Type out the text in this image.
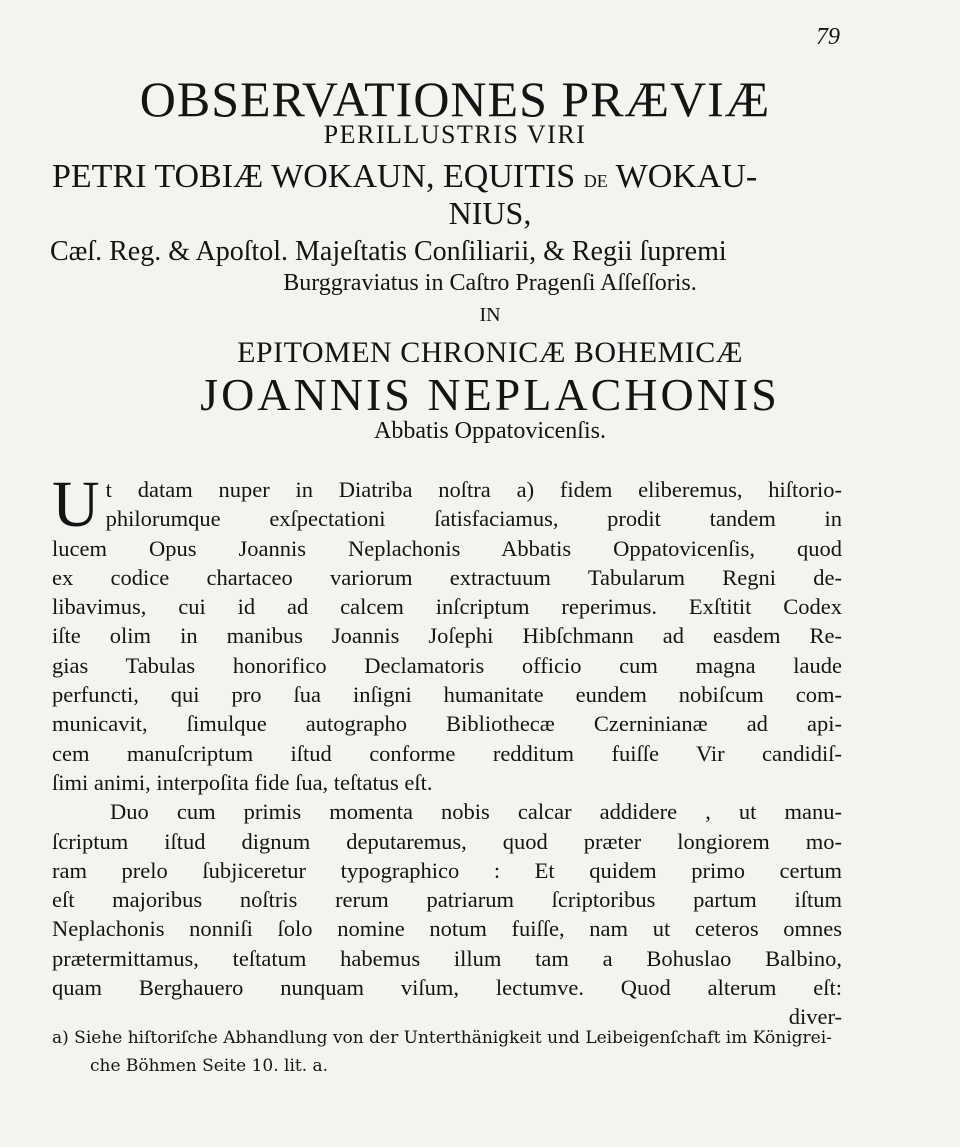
79
OBSERVATIONES PRÆVIÆ
PERILLUSTRIS VIRI
PETRI TOBIÆ WOKAUN, EQUITIS DE WOKAU-
NIUS,
Cæſ. Reg. & Apoſtol. Majeſtatis Conſiliarii, & Regii ſupremi
Burggraviatus in Caſtro Pragenſi Aſſeſſoris.
IN
EPITOMEN CHRONICÆ BOHEMICÆ
JOANNIS NEPLACHONIS
Abbatis Oppatovicenſis.
U t datam nuper in Diatriba noſtra a) fidem eliberemus, hiſtorio-
philorumque exſpectationi ſatisfaciamus, prodit tandem in
lucem Opus Joannis Neplachonis Abbatis Oppatovicenſis, quod
ex codice chartaceo variorum extractuum Tabularum Regni de-
libavimus, cui id ad calcem inſcriptum reperimus. Exſtitit Codex
iſte olim in manibus Joannis Joſephi Hibſchmann ad easdem Re-
gias Tabulas honorifico Declamatoris officio cum magna laude
perfuncti, qui pro ſua inſigni humanitate eundem nobiſcum com-
municavit, ſimulque autographo Bibliothecæ Czerninianæ ad api-
cem manuſcriptum iſtud conforme redditum fuiſſe Vir candidiſ-
ſimi animi, interpoſita fide ſua, teſtatus eſt.
Duo cum primis momenta nobis calcar addidere , ut manu-
ſcriptum iſtud dignum deputaremus, quod præter longiorem mo-
ram prelo ſubjiceretur typographico : Et quidem primo certum
eſt majoribus noſtris rerum patriarum ſcriptoribus partum iſtum
Neplachonis nonniſi ſolo nomine notum fuiſſe, nam ut ceteros omnes
prætermittamus, teſtatum habemus illum tam a Bohuslao Balbino,
quam Berghauero nunquam viſum, lectumve. Quod alterum eſt:
diver-
a) Siehe hiſtoriſche Abhandlung von der Unterthänigkeit und Leibeigenſchaft im Königrei-
che Böhmen Seite 10. lit. a.
